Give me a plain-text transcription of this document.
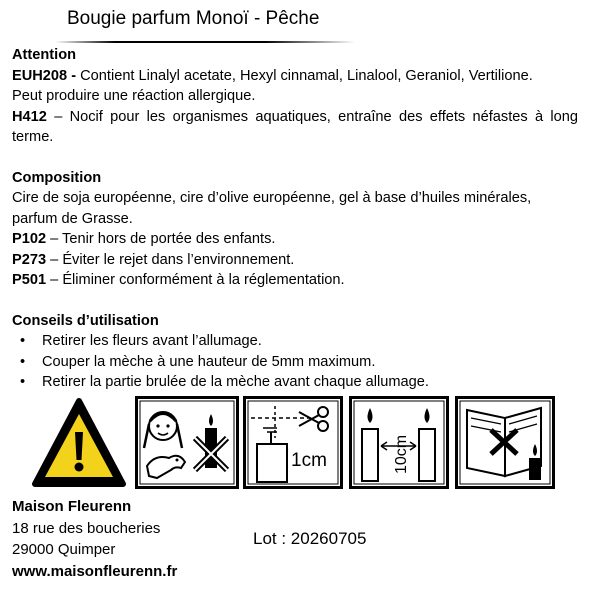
Bougie parfum Monoï - Pêche

Attention

EUH208 - Contient Linalyl acetate, Hexyl cinnamal, Linalool, Geraniol, Vertilione.

Peut produire une réaction allergique.

H412 – Nocif pour les organismes aquatiques, entraîne des effets néfastes à long terme.

Composition

Cire de soja européenne, cire d’olive européenne, gel à base d’huiles minérales, parfum de Grasse.

P102 – Tenir hors de portée des enfants.

P273 – Éviter le rejet dans l’environnement.

P501 – Éliminer conformément à la réglementation.

Conseils d’utilisation

• Retirer les fleurs avant l’allumage.
• Couper la mèche à une hauteur de 5mm maximum.
• Retirer la partie brulée de la mèche avant chaque allumage.
1cm	10cm
Maison Fleurenn
18 rue des boucheries
29000 Quimper
www.maisonfleurenn.fr
Lot : 20260705
